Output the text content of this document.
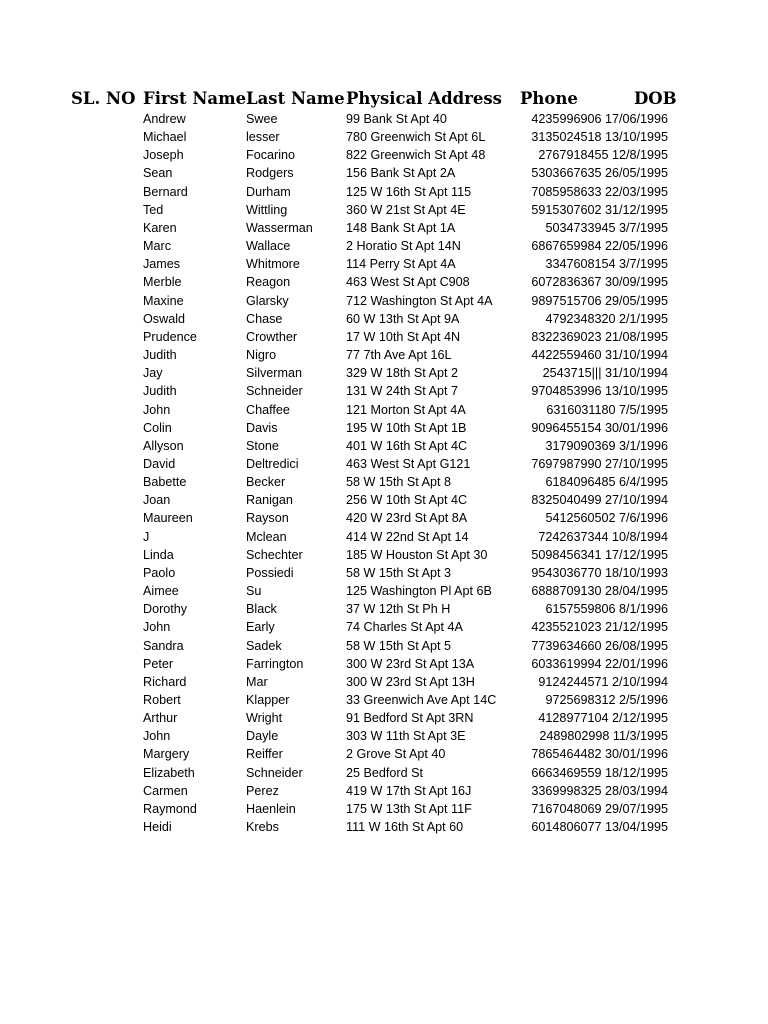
SL. NO First Name Last Name Physical Address Phone	DOB
Andrew	Swee	99 Bank St Apt 40	4235996906 17/06/1996
Michael	lesser	780 Greenwich St Apt 6L	3135024518 13/10/1995
Joseph	Focarino	822 Greenwich St Apt 48	2767918455 12/8/1995
Sean	Rodgers	156 Bank St Apt 2A	5303667635 26/05/1995
Bernard	Durham	125 W 16th St Apt 115	7085958633 22/03/1995
Ted	Wittling	360 W 21st St Apt 4E	5915307602 31/12/1995
Karen	Wasserman	148 Bank St Apt 1A	5034733945 3/7/1995
Marc	Wallace	2 Horatio St Apt 14N	6867659984 22/05/1996
James	Whitmore	114 Perry St Apt 4A	3347608154 3/7/1995
Merble	Reagon	463 West St Apt C908	6072836367 30/09/1995
Maxine	Glarsky	712 Washington St Apt 4A	9897515706 29/05/1995
Oswald	Chase	60 W 13th St Apt 9A	4792348320 2/1/1995
Prudence	Crowther	17 W 10th St Apt 4N	8322369023 21/08/1995
Judith	Nigro	77 7th Ave Apt 16L	4422559460 31/10/1994
Jay	Silverman	329 W 18th St Apt 2	2543715||| 31/10/1994
Judith	Schneider	131 W 24th St Apt 7	9704853996 13/10/1995
John	Chaffee	121 Morton St Apt 4A	6316031180 7/5/1995
Colin	Davis	195 W 10th St Apt 1B	9096455154 30/01/1996
Allyson	Stone	401 W 16th St Apt 4C	3179090369 3/1/1996
David	Deltredici	463 West St Apt G121	7697987990 27/10/1995
Babette	Becker	58 W 15th St Apt 8	6184096485 6/4/1995
Joan	Ranigan	256 W 10th St Apt 4C	8325040499 27/10/1994
Maureen	Rayson	420 W 23rd St Apt 8A	5412560502 7/6/1996
J	Mclean	414 W 22nd St Apt 14	7242637344 10/8/1994
Linda	Schechter	185 W Houston St Apt 30	5098456341 17/12/1995
Paolo	Possiedi	58 W 15th St Apt 3	9543036770 18/10/1993
Aimee	Su	125 Washington Pl Apt 6B	6888709130 28/04/1995
Dorothy	Black	37 W 12th St Ph H	6157559806 8/1/1996
John	Early	74 Charles St Apt 4A	4235521023 21/12/1995
Sandra	Sadek	58 W 15th St Apt 5	7739634660 26/08/1995
Peter	Farrington	300 W 23rd St Apt 13A	6033619994 22/01/1996
Richard	Mar	300 W 23rd St Apt 13H	9124244571 2/10/1994
Robert	Klapper	33 Greenwich Ave Apt 14C	9725698312 2/5/1996
Arthur	Wright	91 Bedford St Apt 3RN	4128977104 2/12/1995
John	Dayle	303 W 11th St Apt 3E	2489802998 11/3/1995
Margery	Reiffer	2 Grove St Apt 40	7865464482 30/01/1996
Elizabeth	Schneider	25 Bedford St	6663469559 18/12/1995
Carmen	Perez	419 W 17th St Apt 16J	3369998325 28/03/1994
Raymond	Haenlein	175 W 13th St Apt 11F	7167048069 29/07/1995
Heidi	Krebs	111 W 16th St Apt 60	6014806077 13/04/1995
